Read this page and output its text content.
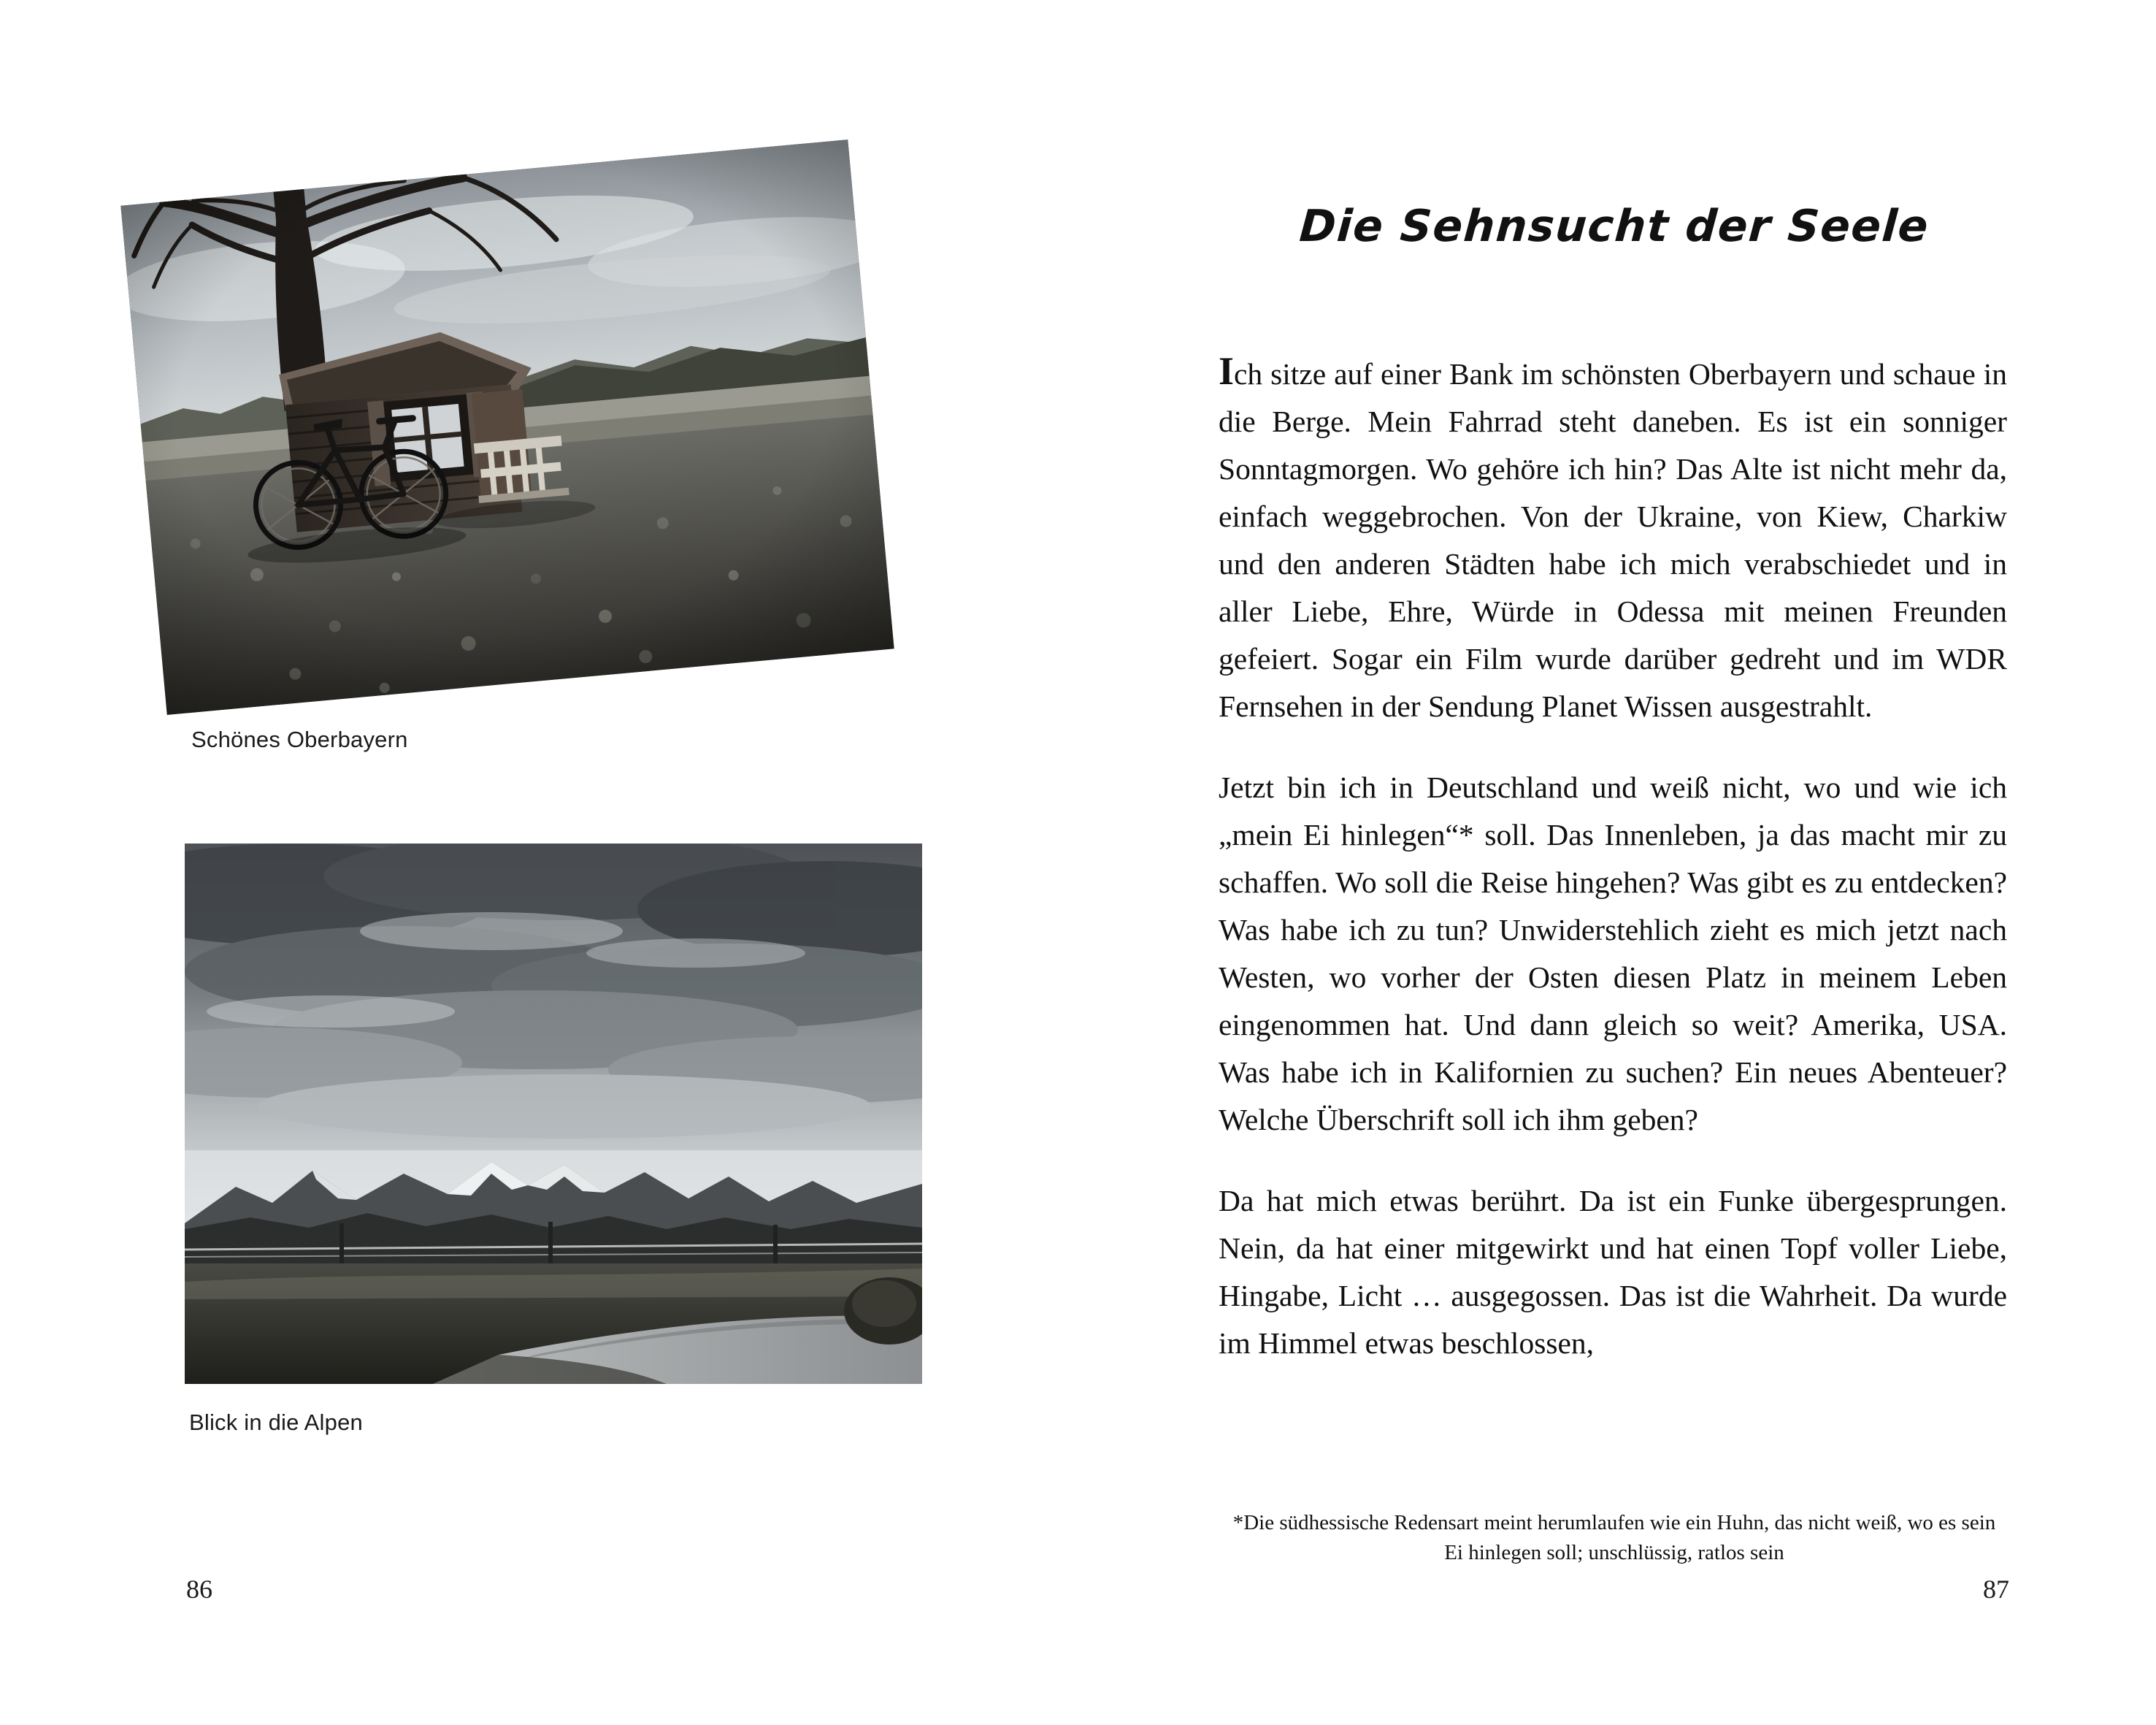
Schönes Oberbayern
Blick in die Alpen
86
Die Sehnsucht der Seele

Ich sitze auf einer Bank im schönsten Oberbayern und schaue in die Berge. Mein Fahrrad steht daneben. Es ist ein sonniger Sonntagmorgen. Wo gehöre ich hin? Das Alte ist nicht mehr da, einfach weggebrochen. Von der Ukraine, von Kiew, Charkiw und den anderen Städten habe ich mich verabschiedet und in aller Liebe, Ehre, Würde in Odessa mit meinen Freunden gefeiert. Sogar ein Film wurde darüber gedreht und im WDR Fernsehen in der Sendung Planet Wissen ausgestrahlt.

Jetzt bin ich in Deutschland und weiß nicht, wo und wie ich „mein Ei hinlegen“* soll. Das Innenleben, ja das macht mir zu schaffen. Wo soll die Reise hingehen? Was gibt es zu entdecken? Was habe ich zu tun? Unwiderstehlich zieht es mich jetzt nach Westen, wo vorher der Osten diesen Platz in meinem Leben eingenommen hat. Und dann gleich so weit? Amerika, USA. Was habe ich in Kalifornien zu suchen? Ein neues Abenteuer? Welche Überschrift soll ich ihm geben?

Da hat mich etwas berührt. Da ist ein Funke übergesprungen. Nein, da hat einer mitgewirkt und hat einen Topf voller Liebe, Hingabe, Licht … ausgegossen. Das ist die Wahrheit. Da wurde im Himmel etwas beschlossen,

*Die südhessische Redensart meint herumlaufen wie ein Huhn, das nicht weiß, wo es sein Ei hinlegen soll; unschlüssig, ratlos sein
87
